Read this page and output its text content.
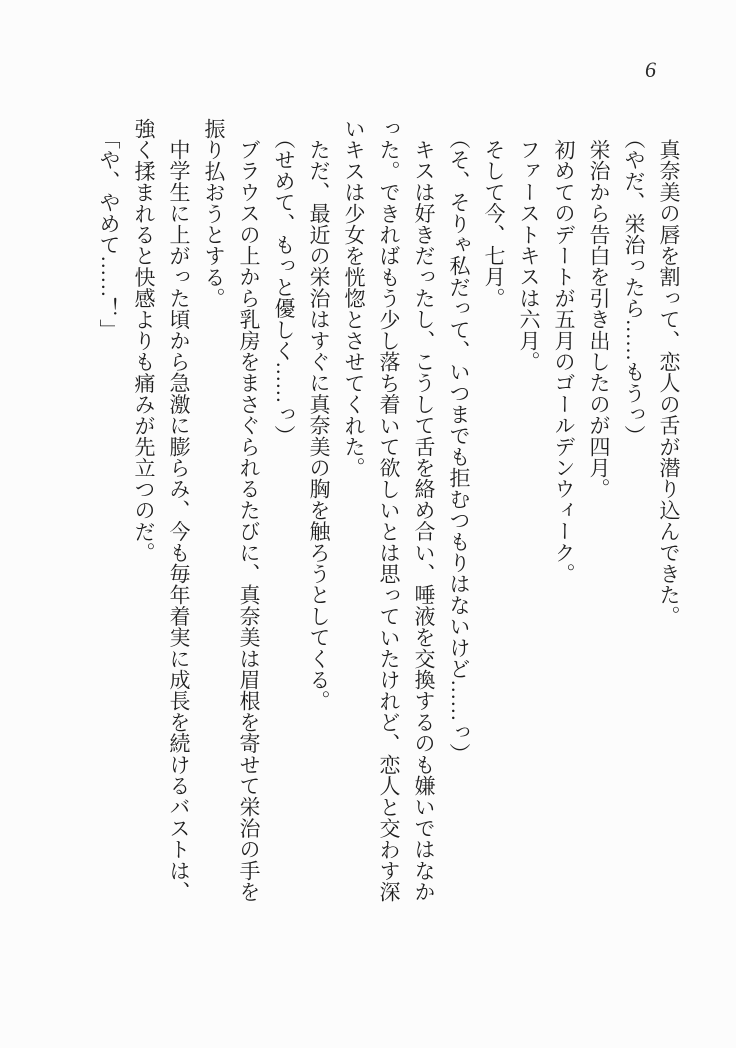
6

真奈美の唇を割って、恋人の舌が潜り込んできた。

（やだ、栄治ったら……もうっ）

栄治から告白を引き出したのが四月。

初めてのデートが五月のゴールデンウィーク。

ファーストキスは六月。

そして今、七月。

（そ、そりゃ私だって、いつまでも拒むつもりはないけど……っ）

キスは好きだったし、こうして舌を絡め合い、唾液を交換するのも嫌いではなかった。できればもう少し落ち着いて欲しいとは思っていたけれど、恋人と交わす深いキスは少女を恍惚とさせてくれた。

ただ、最近の栄治はすぐに真奈美の胸を触ろうとしてくる。

（せめて、もっと優しく……っ）

ブラウスの上から乳房をまさぐられるたびに、真奈美は眉根を寄せて栄治の手を振り払おうとする。

中学生に上がった頃から急激に膨らみ、今も毎年着実に成長を続けるバストは、強く揉まれると快感よりも痛みが先立つのだ。

「や、やめて……！」
